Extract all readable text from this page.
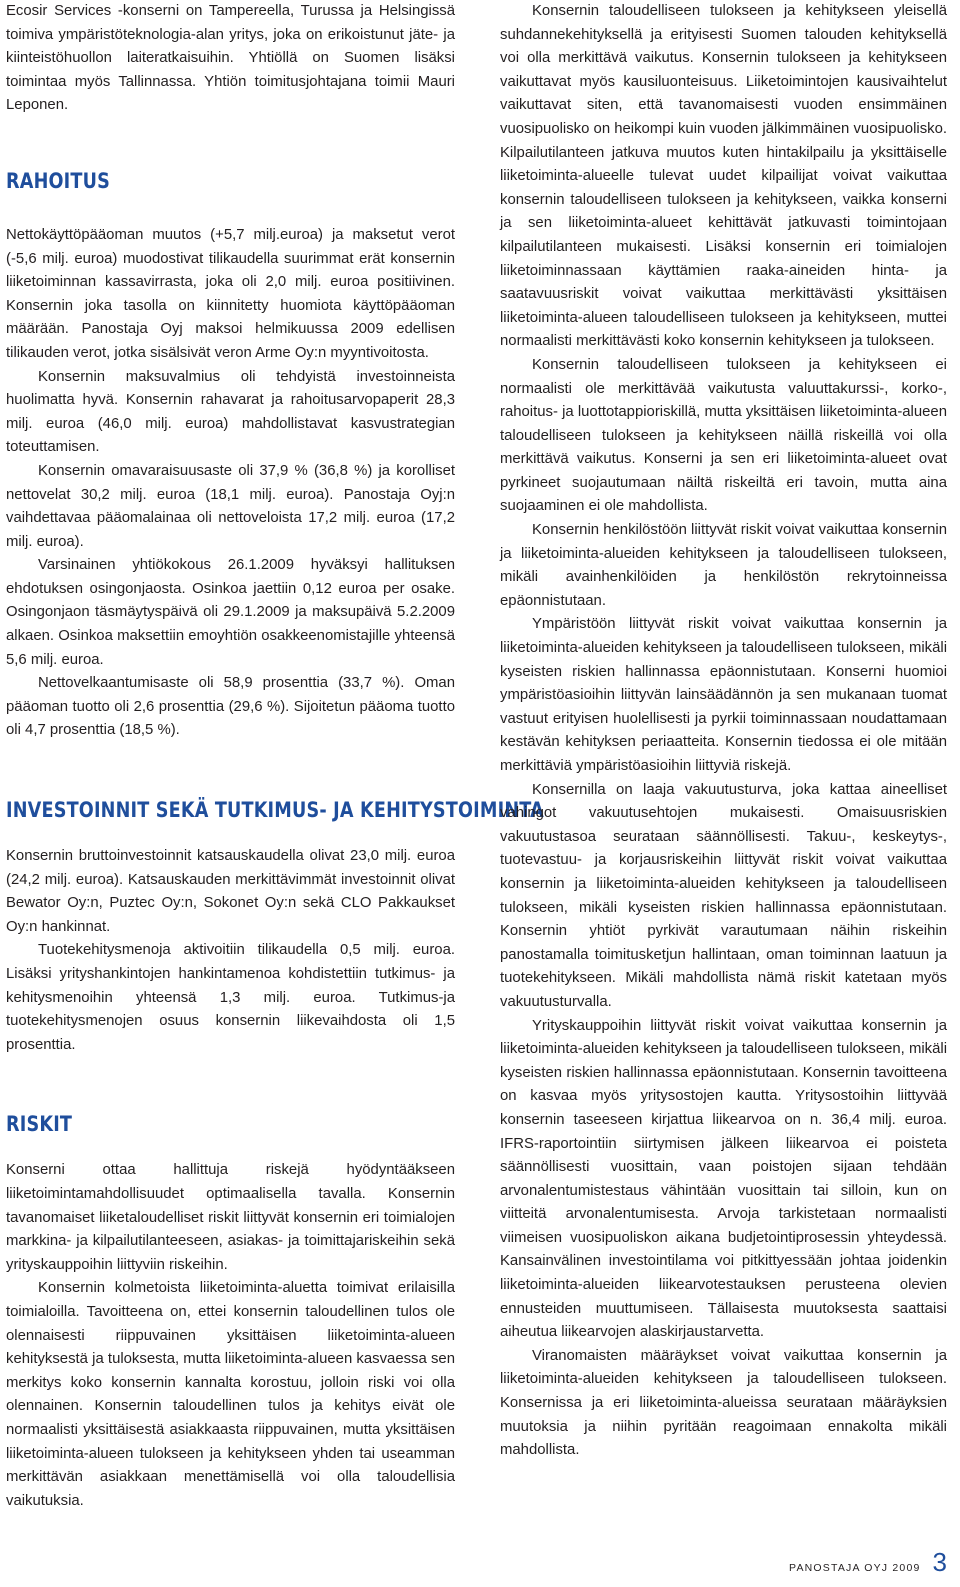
Ecosir Services -konserni on Tampereella, Turussa ja Helsingissä toimiva ympäristöteknologia-alan yritys, joka on erikoistunut jäte- ja kiinteistöhuollon laiteratkaisuihin. Yhtiöllä on Suomen lisäksi toimintaa myös Tallinnassa. Yhtiön toimitusjohtajana toimii Mauri Leponen.

RAHOITUS

Nettokäyttöpääoman muutos (+5,7 milj.euroa) ja maksetut verot (-5,6 milj. euroa) muodostivat tilikaudella suurimmat erät konsernin liiketoiminnan kassavirrasta, joka oli 2,0 milj. euroa positiivinen. Konsernin joka tasolla on kiinnitetty huomiota käyttöpääoman määrään. Panostaja Oyj maksoi helmikuussa 2009 edellisen tilikauden verot, jotka sisälsivät veron Arme Oy:n myyntivoitosta.

Konsernin maksuvalmius oli tehdyistä investoinneista huolimatta hyvä. Konsernin rahavarat ja rahoitusarvopaperit 28,3 milj. euroa (46,0 milj. euroa) mahdollistavat kasvustrategian toteuttamisen.

Konsernin omavaraisuusaste oli 37,9 % (36,8 %) ja korolliset nettovelat 30,2 milj. euroa (18,1 milj. euroa). Panostaja Oyj:n vaihdettavaa pääomalainaa oli nettoveloista 17,2 milj. euroa (17,2 milj. euroa).

Varsinainen yhtiökokous 26.1.2009 hyväksyi hallituksen ehdotuksen osingonjaosta. Osinkoa jaettiin 0,12 euroa per osake. Osingonjaon täsmäytyspäivä oli 29.1.2009 ja maksupäivä 5.2.2009 alkaen. Osinkoa maksettiin emoyhtiön osakkeenomistajille yhteensä 5,6 milj. euroa.

Nettovelkaantumisaste oli 58,9 prosenttia (33,7 %). Oman pääoman tuotto oli 2,6 prosenttia (29,6 %). Sijoitetun pääoma tuotto oli 4,7 prosenttia (18,5 %).

INVESTOINNIT SEKÄ TUTKIMUS- JA KEHITYSTOIMINTA

Konsernin bruttoinvestoinnit katsauskaudella olivat 23,0 milj. euroa (24,2 milj. euroa). Katsauskauden merkittävimmät investoinnit olivat Bewator Oy:n, Puztec Oy:n, Sokonet Oy:n sekä CLO Pakkaukset Oy:n hankinnat.

Tuotekehitysmenoja aktivoitiin tilikaudella 0,5 milj. euroa. Lisäksi yrityshankintojen hankintamenoa kohdistettiin tutkimus- ja kehitysmenoihin yhteensä 1,3 milj. euroa. Tutkimus-ja tuotekehitysmenojen osuus konsernin liikevaihdosta oli 1,5 prosenttia.

RISKIT

Konserni ottaa hallittuja riskejä hyödyntääkseen liiketoimintamahdollisuudet optimaalisella tavalla. Konsernin tavanomaiset liiketaloudelliset riskit liittyvät konsernin eri toimialojen markkina- ja kilpailutilanteeseen, asiakas- ja toimittajariskeihin sekä yrityskauppoihin liittyviin riskeihin.

Konsernin kolmetoista liiketoiminta-aluetta toimivat erilaisilla toimialoilla. Tavoitteena on, ettei konsernin taloudellinen tulos ole olennaisesti riippuvainen yksittäisen liiketoiminta-alueen kehityksestä ja tuloksesta, mutta liiketoiminta-alueen kasvaessa sen merkitys koko konsernin kannalta korostuu, jolloin riski voi olla olennainen. Konsernin taloudellinen tulos ja kehitys eivät ole normaalisti yksittäisestä asiakkaasta riippuvainen, mutta yksittäisen liiketoiminta-alueen tulokseen ja kehitykseen yhden tai useamman merkittävän asiakkaan menettämisellä voi olla taloudellisia vaikutuksia.

Konsernin taloudelliseen tulokseen ja kehitykseen yleisellä suhdannekehityksellä ja erityisesti Suomen talouden kehityksellä voi olla merkittävä vaikutus. Konsernin tulokseen ja kehitykseen vaikuttavat myös kausiluonteisuus. Liiketoimintojen kausivaihtelut vaikuttavat siten, että tavanomaisesti vuoden ensimmäinen vuosipuolisko on heikompi kuin vuoden jälkimmäinen vuosipuolisko. Kilpailutilanteen jatkuva muutos kuten hintakilpailu ja yksittäiselle liiketoiminta-alueelle tulevat uudet kilpailijat voivat vaikuttaa konsernin taloudelliseen tulokseen ja kehitykseen, vaikka konserni ja sen liiketoiminta-alueet kehittävät jatkuvasti toimintojaan kilpailutilanteen mukaisesti. Lisäksi konsernin eri toimialojen liiketoiminnassaan käyttämien raaka-aineiden hinta- ja saatavuusriskit voivat vaikuttaa merkittävästi yksittäisen liiketoiminta-alueen taloudelliseen tulokseen ja kehitykseen, muttei normaalisti merkittävästi koko konsernin kehitykseen ja tulokseen.

Konsernin taloudelliseen tulokseen ja kehitykseen ei normaalisti ole merkittävää vaikutusta valuuttakurssi-, korko-, rahoitus- ja luottotappioriskillä, mutta yksittäisen liiketoiminta-alueen taloudelliseen tulokseen ja kehitykseen näillä riskeillä voi olla merkittävä vaikutus. Konserni ja sen eri liiketoiminta-alueet ovat pyrkineet suojautumaan näiltä riskeiltä eri tavoin, mutta aina suojaaminen ei ole mahdollista.

Konsernin henkilöstöön liittyvät riskit voivat vaikuttaa konsernin ja liiketoiminta-alueiden kehitykseen ja taloudelliseen tulokseen, mikäli avainhenkilöiden ja henkilöstön rekrytoinneissa epäonnistutaan.

Ympäristöön liittyvät riskit voivat vaikuttaa konsernin ja liiketoiminta-alueiden kehitykseen ja taloudelliseen tulokseen, mikäli kyseisten riskien hallinnassa epäonnistutaan. Konserni huomioi ympäristöasioihin liittyvän lainsäädännön ja sen mukanaan tuomat vastuut erityisen huolellisesti ja pyrkii toiminnassaan noudattamaan kestävän kehityksen periaatteita. Konsernin tiedossa ei ole mitään merkittäviä ympäristöasioihin liittyviä riskejä.

Konsernilla on laaja vakuutusturva, joka kattaa aineelliset vahingot vakuutusehtojen mukaisesti. Omaisuusriskien vakuutustasoa seurataan säännöllisesti. Takuu-, keskeytys-, tuotevastuu- ja korjausriskeihin liittyvät riskit voivat vaikuttaa konsernin ja liiketoiminta-alueiden kehitykseen ja taloudelliseen tulokseen, mikäli kyseisten riskien hallinnassa epäonnistutaan. Konsernin yhtiöt pyrkivät varautumaan näihin riskeihin panostamalla toimitusketjun hallintaan, oman toiminnan laatuun ja tuotekehitykseen. Mikäli mahdollista nämä riskit katetaan myös vakuutusturvalla.

Yrityskauppoihin liittyvät riskit voivat vaikuttaa konsernin ja liiketoiminta-alueiden kehitykseen ja taloudelliseen tulokseen, mikäli kyseisten riskien hallinnassa epäonnistutaan. Konsernin tavoitteena on kasvaa myös yritysostojen kautta. Yritysostoihin liittyvää konsernin taseeseen kirjattua liikearvoa on n. 36,4 milj. euroa. IFRS-raportointiin siirtymisen jälkeen liikearvoa ei poisteta säännöllisesti vuosittain, vaan poistojen sijaan tehdään arvonalentumistestaus vähintään vuosittain tai silloin, kun on viitteitä arvonalentumisesta. Arvoja tarkistetaan normaalisti viimeisen vuosipuoliskon aikana budjetointiprosessin yhteydessä. Kansainvälinen investointilama voi pitkittyessään johtaa joidenkin liiketoiminta-alueiden liikearvotestauksen perusteena olevien ennusteiden muuttumiseen. Tällaisesta muutoksesta saattaisi aiheutua liikearvojen alaskirjaustarvetta.

Viranomaisten määräykset voivat vaikuttaa konsernin ja liiketoiminta-alueiden kehitykseen ja taloudelliseen tulokseen. Konsernissa ja eri liiketoiminta-alueissa seurataan määräyksien muutoksia ja niihin pyritään reagoimaan ennakolta mikäli mahdollista.

PANOSTAJA OYJ 2009 3
